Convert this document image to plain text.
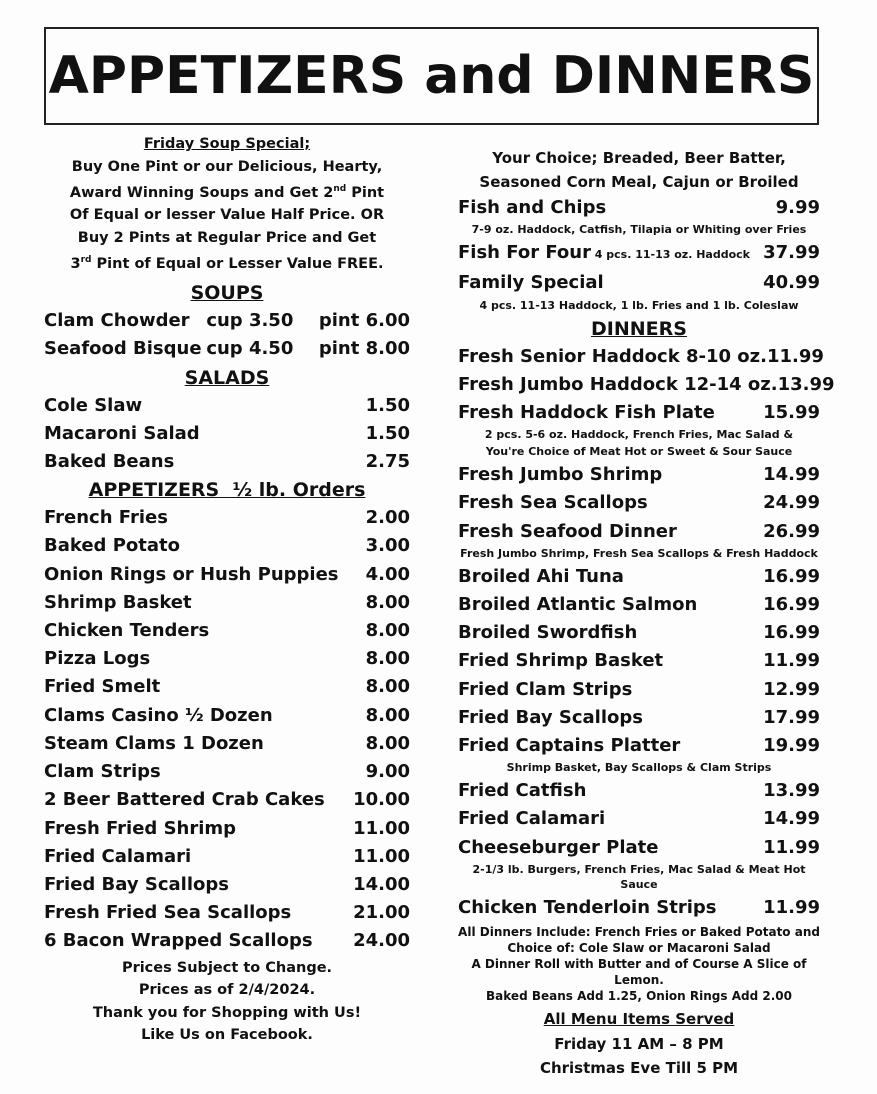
APPETIZERS and DINNERS
Friday Soup Special;
Buy One Pint or our Delicious, Hearty,
Award Winning Soups and Get 2nd Pint
Of Equal or lesser Value Half Price. OR
Buy 2 Pints at Regular Price and Get
3rd Pint of Equal or Lesser Value FREE.
SOUPS
Clam Chowder cup 3.50	pint 6.00
Seafood Bisque cup 4.50	pint 8.00
SALADS
Cole Slaw	1.50
Macaroni Salad	1.50
Baked Beans	2.75
APPETIZERS  ½ lb. Orders
French Fries	2.00
Baked Potato	3.00
Onion Rings or Hush Puppies 4.00
Shrimp Basket	8.00
Chicken Tenders	8.00
Pizza Logs	8.00
Fried Smelt	8.00
Clams Casino ½ Dozen	8.00
Steam Clams 1 Dozen	8.00
Clam Strips	9.00
2 Beer Battered Crab Cakes 10.00
Fresh Fried Shrimp	11.00
Fried Calamari	11.00
Fried Bay Scallops	14.00
Fresh Fried Sea Scallops	21.00
6 Bacon Wrapped Scallops 24.00
Prices Subject to Change.
Prices as of 2/4/2024.
Thank you for Shopping with Us!
Like Us on Facebook.
Your Choice; Breaded, Beer Batter,
Seasoned Corn Meal, Cajun or Broiled
Fish and Chips	9.99
7-9 oz. Haddock, Catfish, Tilapia or Whiting over Fries
Fish For Four 4 pcs. 11-13 oz. Haddock 37.99
Family Special	40.99
4 pcs. 11-13 Haddock, 1 lb. Fries and 1 lb. Coleslaw
DINNERS
Fresh Senior Haddock 8-10 oz. 11.99
Fresh Jumbo Haddock 12-14 oz. 13.99
Fresh Haddock Fish Plate	15.99
2 pcs. 5-6 oz. Haddock, French Fries, Mac Salad &
You're Choice of Meat Hot or Sweet & Sour Sauce
Fresh Jumbo Shrimp	14.99
Fresh Sea Scallops	24.99
Fresh Seafood Dinner	26.99
Fresh Jumbo Shrimp, Fresh Sea Scallops & Fresh Haddock
Broiled Ahi Tuna	16.99
Broiled Atlantic Salmon	16.99
Broiled Swordfish	16.99
Fried Shrimp Basket	11.99
Fried Clam Strips	12.99
Fried Bay Scallops	17.99
Fried Captains Platter	19.99
Shrimp Basket, Bay Scallops & Clam Strips
Fried Catfish	13.99
Fried Calamari	14.99
Cheeseburger Plate	11.99
2-1/3 lb. Burgers, French Fries, Mac Salad & Meat Hot Sauce
Chicken Tenderloin Strips	11.99
All Dinners Include: French Fries or Baked Potato and
Choice of: Cole Slaw or Macaroni Salad
A Dinner Roll with Butter and of Course A Slice of Lemon.
Baked Beans Add 1.25, Onion Rings Add 2.00
All Menu Items Served
Friday 11 AM – 8 PM
Christmas Eve Till 5 PM
